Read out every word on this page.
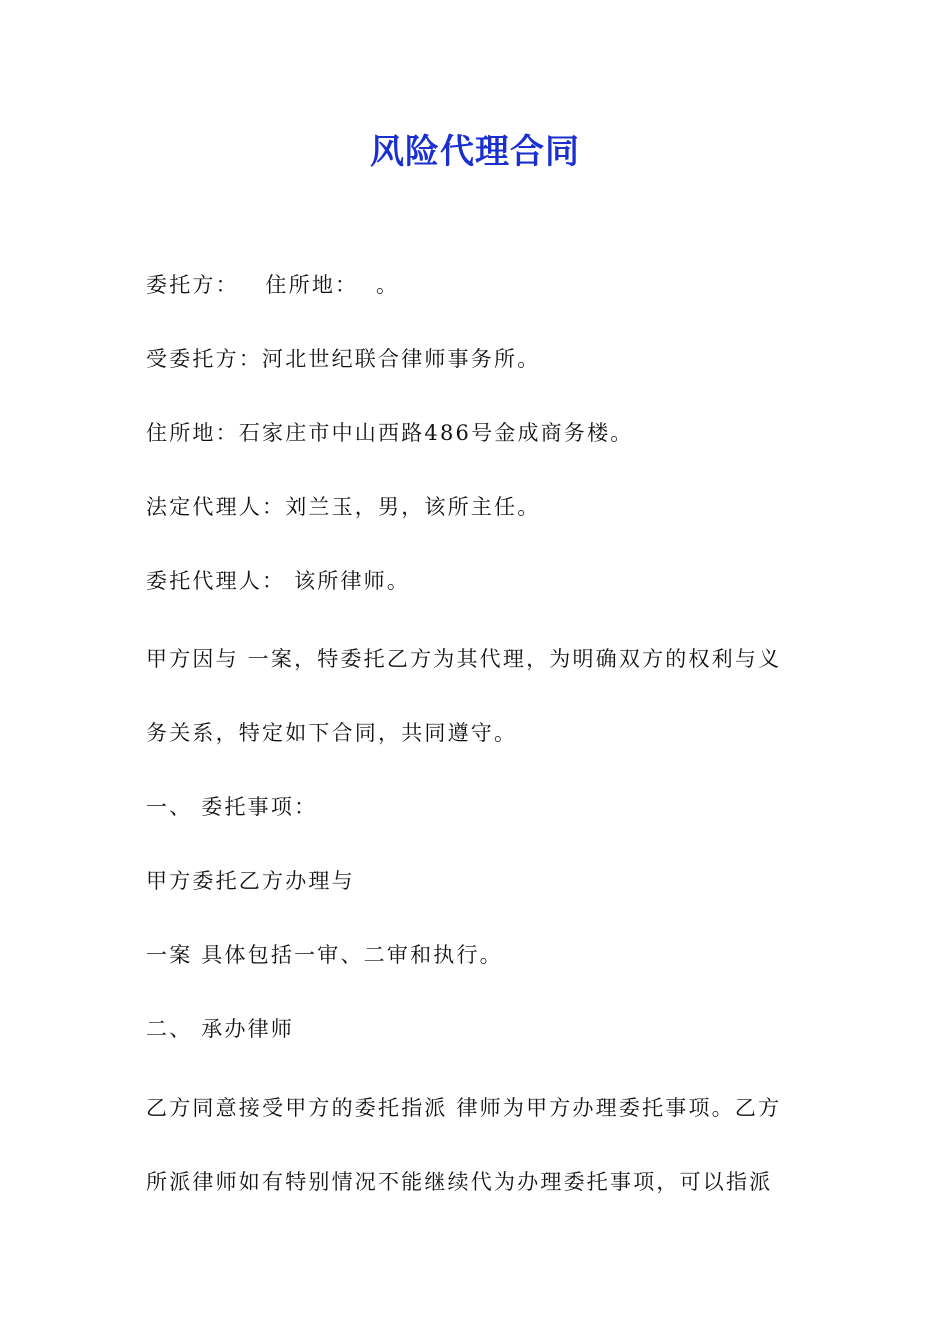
风险代理合同

委托方：   住所地：  。

受委托方：河北世纪联合律师事务所。

住所地：石家庄市中山西路486号金成商务楼。

法定代理人：刘兰玉，男，该所主任。

委托代理人： 该所律师。

甲方因与 一案，特委托乙方为其代理，为明确双方的权利与义

务关系，特定如下合同，共同遵守。

一、 委托事项：

甲方委托乙方办理与

一案 具体包括一审、二审和执行。

二、 承办律师

乙方同意接受甲方的委托指派 律师为甲方办理委托事项。乙方

所派律师如有特别情况不能继续代为办理委托事项，可以指派
